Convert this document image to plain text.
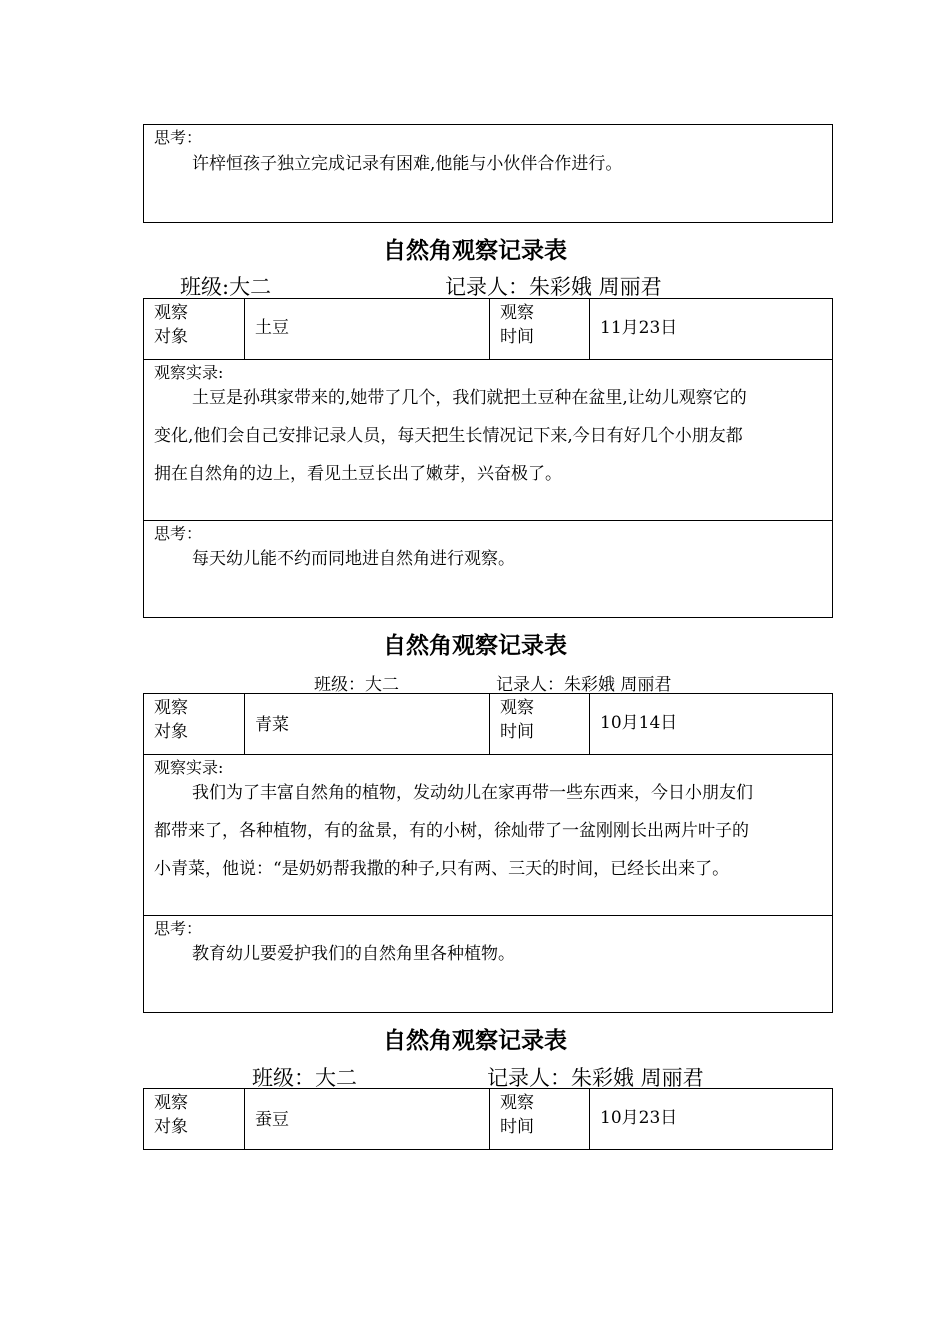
思考：
许梓恒孩子独立完成记录有困难,他能与小伙伴合作进行。
自然角观察记录表
班级:大二	记录人：朱彩娥 周丽君
观察
对象	土豆
观察
时间	11月23日
观察实录:
土豆是孙琪家带来的,她带了几个，我们就把土豆种在盆里,让幼儿观察它的
变化,他们会自己安排记录人员，每天把生长情况记下来,今日有好几个小朋友都
拥在自然角的边上，看见土豆长出了嫩芽，兴奋极了。
思考：
每天幼儿能不约而同地进自然角进行观察。
自然角观察记录表
班级：大二	记录人：朱彩娥 周丽君
观察
对象	青菜
观察
时间	10月14日
观察实录:
我们为了丰富自然角的植物，发动幼儿在家再带一些东西来，今日小朋友们
都带来了，各种植物，有的盆景，有的小树，徐灿带了一盆刚刚长出两片叶子的
小青菜，他说：“是奶奶帮我撒的种子,只有两、三天的时间，已经长出来了。
思考：
教育幼儿要爱护我们的自然角里各种植物。
自然角观察记录表
班级：大二	记录人：朱彩娥 周丽君
观察
对象	蚕豆
观察
时间	10月23日
